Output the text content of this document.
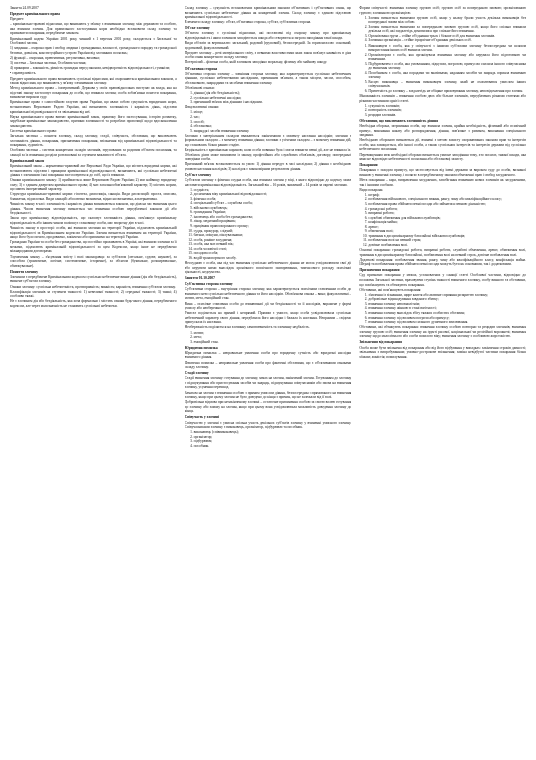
Заняття 24.09.2007

Предмет кримінального права

Предмет:

– кримінально-правові відносини, що виникають у зв'язку з вчиненням злочину, між державою та особою, яка вчинила злочин. Для правильного застосування норм необхідно встановити склад злочину та призначити покарання, передбачене законом.

Кримінальний кодекс України 2001 року, чинний з 1 вересня 2001 року, складається з Загальної та Особливої частин.

1) завдання – охорона прав і свобод людини і громадянина, власності, громадського порядку та громадської безпеки, довкілля, конституційного устрою України від злочинних посягань;

2) функції – охоронна, превентивна, регулятивна, виховна;

3) система – Загальна частина, Особлива частина;

4) принципи – законність, рівність громадян перед законом, невідворотність відповідальності, гуманізм;

• справедливість.

Предмет кримінального права визначають суспільні відносини, які охороняються кримінальним законом, а також відносини, що виникають у зв'язку з вчиненням злочину.

Метод кримінального права – імперативний. Держава у своїх правовідносинах виступає як влада, яка на підставі закону застосовує покарання до особи, що вчинила злочин; особа зобов'язана понести покарання, визначене вироком суду.

Кримінальне право є самостійною галуззю права України, що являє собою сукупність юридичних норм, встановлених Верховною Радою України, які визначають злочинність і караність діянь, підстави кримінальної відповідальності та звільнення від неї.

Наука кримінального права вивчає кримінальний закон, практику його застосування, історію розвитку, зарубіжне кримінальне законодавство, причини злочинності та розробляє пропозиції щодо вдосконалення законодавства.

Система кримінального права:

Загальна частина – поняття злочину, склад злочину, стадії, співучасть, обставини, що виключають злочинність діяння, покарання, призначення покарання, звільнення від кримінальної відповідальності та покарання, судимість.

Особлива частина – система конкретних складів злочинів, згрупованих за родовим об'єктом посягання, та санкції за їх вчинення; розділи розташовані за ступенем важливості об'єкта.

Кримінальний закон

Кримінальний закон – нормативно-правовий акт Верховної Ради України, що містить юридичні норми, які встановлюють підстави і принципи кримінальної відповідальності, визначають, які суспільно небезпечні діяння є злочинами і які покарання застосовуються до осіб, що їх вчинили.

Ознаки кримінального закону: 1) приймається лише Верховною Радою України; 2) має найвищу юридичну силу; 3) є єдиним джерелом кримінального права; 4) має загальнообов'язковий характер; 5) містить норми, що мають імперативний характер.

Структура кримінально-правової норми: гіпотеза, диспозиція, санкція. Види диспозицій: проста, описова, бланкетна, відсилочна. Види санкцій: абсолютно визначена, відносно визначена, альтернативна.

Чинність закону в часі: злочинність і караність діяння визначаються законом, що діяв на час вчинення цього діяння. Часом вчинення злочину визнається час вчинення особою передбаченої законом дії або бездіяльності.

Закон про кримінальну відповідальність, що скасовує злочинність діяння, пом'якшує кримінальну відповідальність або іншим чином поліпшує становище особи, має зворотну дію в часі.

Чинність закону в просторі: особи, які вчинили злочини на території України, підлягають кримінальній відповідальності за Кримінальним кодексом України. Злочин визнається вчиненим на території України, якщо його було почато, продовжено, закінчено або припинено на території України.

Громадяни України та особи без громадянства, що постійно проживають в Україні, які вчинили злочини за її межами, підлягають кримінальній відповідальності за цим Кодексом, якщо інше не передбачено міжнародними договорами.

Тлумачення закону – з'ясування змісту і волі законодавця: за суб'єктом (легальне, судове, наукове), за способом (граматичне, логічне, систематичне, історичне), за обсягом (буквальне, розширювальне, обмежувальне).

Поняття злочину

Злочином є передбачене Кримінальним кодексом суспільно небезпечне винне діяння (дія або бездіяльність), вчинене суб'єктом злочину.

Ознаки злочину: суспільна небезпечність; протиправність; винність; караність; вчинення суб'єктом злочину.

Класифікація злочинів за ступенем тяжкості: 1) невеликої тяжкості; 2) середньої тяжкості; 3) тяжкі; 4) особливо тяжкі.

Не є злочином дія або бездіяльність, яка хоча формально і містить ознаки будь-якого діяння, передбаченого кодексом, але через малозначність не становить суспільної небезпеки.

Склад злочину – сукупність встановлених кримінальним законом об'єктивних і суб'єктивних ознак, що визначають суспільно небезпечне діяння як конкретний злочин. Склад злочину є єдиною підставою кримінальної відповідальності.

Елементи складу злочину: об'єкт, об'єктивна сторона, суб'єкт, суб'єктивна сторона.

Об'єкт злочину

Об'єктом злочину є суспільні відносини, які поставлені під охорону закону про кримінальну відповідальність і яким злочином заподіюється шкода або створюється загроза заподіяння такої шкоди.

Види об'єктів за вертикаллю: загальний, родовий (груповий), безпосередній. За горизонталлю: основний, додатковий, факультативний.

Предмет злочину – речі матеріального світу, з певними властивостями яких закон пов'язує наявність в діях особи ознак конкретного складу злочину.

Потерпілий – фізична особа, якій злочином заподіяно моральну, фізичну або майнову шкоду.

Об'єктивна сторона

Об'єктивна сторона злочину – зовнішня сторона злочину, яка характеризується суспільно небезпечним діянням, суспільно небезпечними наслідками, причинним зв'язком, а також місцем, часом, способом, обстановкою, знаряддями та засобами вчинення злочину.

Обов'язкові ознаки:

1. діяння (дія або бездіяльність);
2. суспільно небезпечні наслідки;
3. причинний зв'язок між діянням і наслідками.

Факультативні ознаки:

1. місце;
2. час;
3. спосіб;
4. обстановка;
5. знаряддя і засоби вчинення злочину.

Злочини з матеріальним складом вважаються закінченими з моменту настання наслідків; злочини з формальним складом – з моменту вчинення діяння; злочини з усіченим складом – з моменту вчинення дій, що становлять більш ранню стадію.

Бездіяльність є кримінально караною, коли особа повинна була і могла вчинити певні дії, але не вчинила їх. Обов'язок діяти може випливати із закону, професійних або службових обов'язків, договору, попередньої поведінки особи.

Причинний зв'язок встановлюється за умов: 1) діяння передує в часі наслідкам; 2) діяння є необхідною умовою настання наслідків; 3) наслідок є закономірним результатом діяння.

Суб'єкт злочину

Суб'єктом злочину є фізична осудна особа, яка вчинила злочин у віці, з якого відповідно до кодексу може наставати кримінальна відповідальність. Загальний вік – 16 років, знижений – 14 років за окремі злочини.

1. осудність;
2. досягнення віку кримінальної відповідальності;
3. фізична особа;
4. спеціальний суб'єкт – службова особа;
5. військовослужбовець;
6. громадянин України;
7. іноземець або особа без громадянства;
8. лікар, медичний працівник;
9. працівник правоохоронного органу;
10. суддя, прокурор, слідчий;
11. батьки, опікуни, піклувальники;
12. особа, раніше засуджена;
13. особа, яка має певний вік;
14. особа чоловічої статі;
15. посадова особа;
16. водій транспортного засобу.

Неосудною є особа, яка під час вчинення суспільно небезпечного діяння не могла усвідомлювати свої дії або керувати ними внаслідок хронічного психічного захворювання, тимчасового розладу психічної діяльності, недоумства.

Заняття 01.10.2007

Суб'єктивна сторона злочину

Суб'єктивна сторона – внутрішня сторона злочину, яка характеризується психічним ставленням особи до вчиненого нею суспільно небезпечного діяння та його наслідків. Обов'язкова ознака – вина; факультативні – мотив, мета, емоційний стан.

Вина – психічне ставлення особи до вчинюваної дії чи бездіяльності та її наслідків, виражене у формі умислу або необережності.

Умисел поділяється на прямий і непрямий. Прямим є умисел, якщо особа усвідомлювала суспільно небезпечний характер свого діяння, передбачала його наслідки і бажала їх настання. Непрямим – свідомо припускала їх настання.

Необережність поділяється на злочинну самовпевненість та злочинну недбалість.

1. мотив;
2. мета;
3. емоційний стан.

Юридична помилка

Юридична помилка – неправильне уявлення особи про юридичну сутність або юридичні наслідки вчиненого діяння.

Фактична помилка – неправильне уявлення особи про фактичні обставини, що є об'єктивними ознаками складу злочину.

Стадії злочину

Стадії вчинення злочину: готування до злочину, замах на злочин, закінчений злочин. Готуванням до злочину є підшукування або пристосування засобів чи знарядь, підшукування співучасників або змова на вчинення злочину, усунення перешкод.

Замахом на злочин є вчинення особою з прямим умислом діяння, безпосередньо спрямованого на вчинення злочину, якщо при цьому злочин не було доведено до кінця з причин, що не залежали від її волі.

Добровільна відмова при незакінченому злочині – остаточне припинення особою за своєю волею готування до злочину або замаху на злочин, якщо при цьому вона усвідомлювала можливість доведення злочину до кінця.

Співучасть у злочині

Співучастю у злочині є умисна спільна участь декількох суб'єктів злочину у вчиненні умисного злочину. Співучасниками злочину є виконавець, організатор, підбурювач та пособник.

1. виконавець (співвиконавець);
2. організатор;
3. підбурювач;
4. пособник.

Форми співучасті: вчинення злочину групою осіб; групою осіб за попередньою змовою; організованою групою; злочинною організацією.

1. Злочин визнається вчиненим групою осіб, якщо у ньому брали участь декілька виконавців без попередньої змови між собою.
2. Злочин визнається вчиненим за попередньою змовою групою осіб, якщо його спільно вчинили декілька осіб, які заздалегідь домовилися про спільне його вчинення.
3. Організована група – стійке об'єднання трьох і більше осіб для вчинення злочинів.
4. Злочинна організація – стійке ієрархічне об'єднання декількох осіб.
1. Виконавцем є особа, яка у співучасті з іншими суб'єктами злочину безпосередньо чи шляхом використання інших осіб вчинила злочин.
2. Організатором є особа, яка організувала вчинення злочину або керувала його підготовкою чи вчиненням.
3. Підбурювачем є особа, яка умовлянням, підкупом, погрозою, примусом схилила іншого співучасника до вчинення злочину.
4. Пособником є особа, яка порадами чи вказівками, наданням засобів чи знарядь сприяла вчиненню злочину.
5. Ексцес виконавця – вчинення виконавцем злочину, який не охоплювався умислом інших співучасників.
6. Причетність до злочину – заздалегідь не обіцяне приховування злочину, неповідомлення про злочин.

Множинність злочинів – вчинення особою двох або більше злочинів, передбачених різними статтями або різними частинами однієї статті.

1. сукупність злочинів;
2. повторність злочинів;
3. рецидив злочинів.

Обставини, що виключають злочинність діяння

Необхідна оборона, затримання особи, що вчинила злочин, крайня необхідність, фізичний або психічний примус, виконання наказу або розпорядження, діяння, пов'язане з ризиком, виконання спеціального завдання.

Необхідною обороною визнаються дії, вчинені з метою захисту охоронюваних законом прав та інтересів особи, яка захищається, або іншої особи, а також суспільних інтересів та інтересів держави від суспільно небезпечного посягання.

Перевищенням меж необхідної оборони визнається умисне заподіяння тому, хто посягає, тяжкої шкоди, яка явно не відповідає небезпечності посягання або обстановці захисту.

Покарання

Покарання є заходом примусу, що застосовується від імені держави за вироком суду до особи, визнаної винною у вчиненні злочину, і полягає в передбаченому законом обмеженні прав і свобод засудженого.

Мета покарання – кара, виправлення засуджених, запобігання вчиненню нових злочинів як засудженими, так і іншими особами.

Види покарань:

1. штраф;
2. позбавлення військового, спеціального звання, рангу, чину або кваліфікаційного класу;
3. позбавлення права обіймати певні посади або займатися певною діяльністю;
4. громадські роботи;
5. виправні роботи;
6. службові обмеження для військовослужбовців;
7. конфіскація майна;
8. арешт;
9. обмеження волі;
10. тримання в дисциплінарному батальйоні військовослужбовців;
11. позбавлення волі на певний строк;
12. довічне позбавлення волі.

Основні покарання: громадські роботи, виправні роботи, службові обмеження, арешт, обмеження волі, тримання в дисциплінарному батальйоні, позбавлення волі на певний строк, довічне позбавлення волі.

Додаткові покарання: позбавлення звання, рангу, чину або кваліфікаційного класу, конфіскація майна. Штраф та позбавлення права обіймати певні посади можуть бути як основними, так і додатковими.

Призначення покарання

Суд призначає покарання у межах, установлених у санкції статті Особливої частини, відповідно до положень Загальної частини, враховуючи ступінь тяжкості вчиненого злочину, особу винного та обставини, що пом'якшують та обтяжують покарання.

Обставини, які пом'якшують покарання:

1. з'явлення із зізнанням, щире каяття або активне сприяння розкриттю злочину;
2. добровільне відшкодування завданого збитку;
3. вчинення злочину неповнолітнім;
4. вчинення злочину жінкою в стані вагітності;
5. вчинення злочину внаслідок збігу тяжких особистих обставин;
6. вчинення злочину під впливом погрози або примусу;
7. вчинення злочину під впливом сильного душевного хвилювання.

Обставини, які обтяжують покарання: вчинення злочину особою повторно та рецидив злочинів; вчинення злочину групою осіб; вчинення злочину на ґрунті расової, національної чи релігійної ворожнечі; вчинення злочину щодо малолітнього або особи похилого віку; вчинення злочину з особливою жорстокістю.

Звільнення від покарання

Особа може бути звільнена від покарання або від його відбування у випадках: закінчення строків давності; звільнення з випробуванням; умовно-дострокове звільнення; заміна невідбутої частини покарання більш м'яким; амністія; помилування.
